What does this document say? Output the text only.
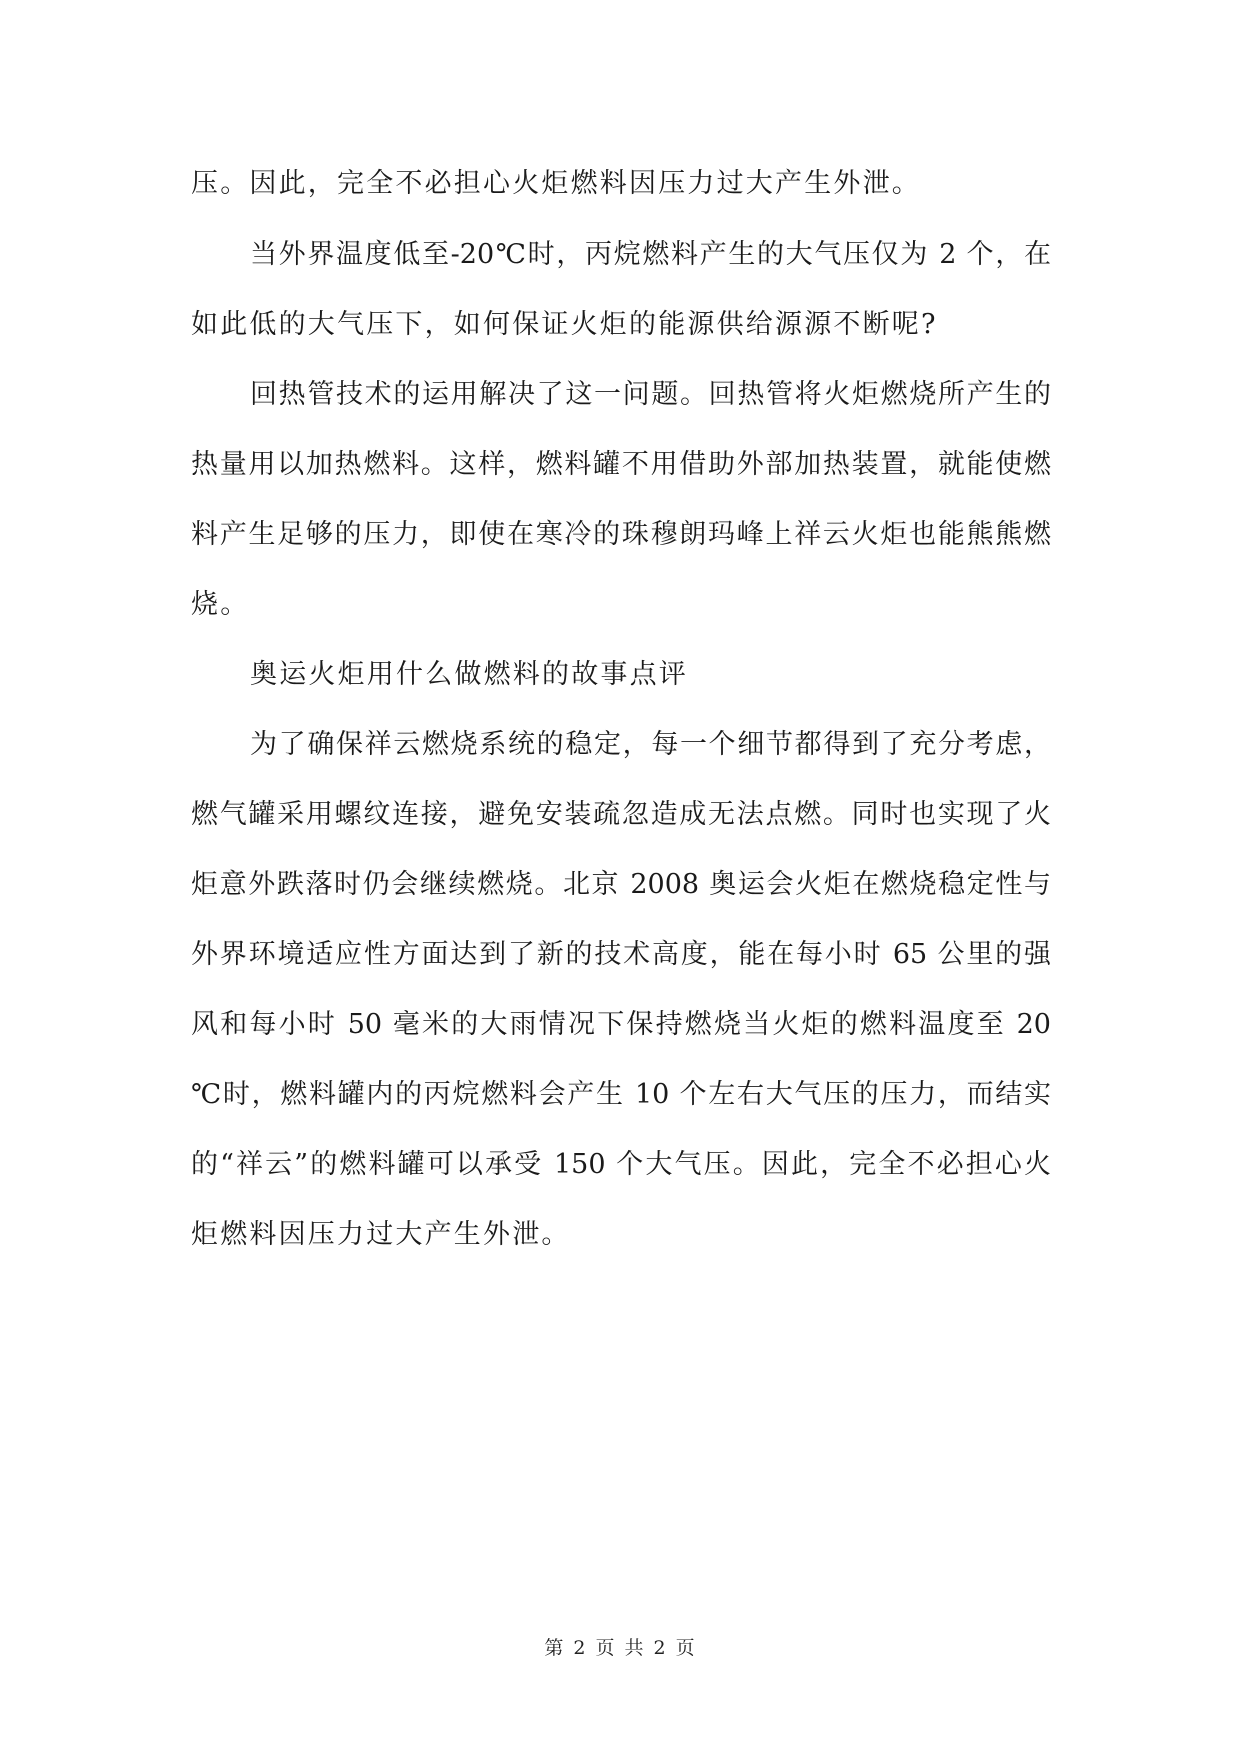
压。因此，完全不必担心火炬燃料因压力过大产生外泄。
当外界温度低至-20℃时，丙烷燃料产生的大气压仅为 2 个，在
如此低的大气压下，如何保证火炬的能源供给源源不断呢?
回热管技术的运用解决了这一问题。回热管将火炬燃烧所产生的
热量用以加热燃料。这样，燃料罐不用借助外部加热装置，就能使燃
料产生足够的压力，即使在寒冷的珠穆朗玛峰上祥云火炬也能熊熊燃
烧。
奥运火炬用什么做燃料的故事点评
为了确保祥云燃烧系统的稳定，每一个细节都得到了充分考虑，
燃气罐采用螺纹连接，避免安装疏忽造成无法点燃。同时也实现了火
炬意外跌落时仍会继续燃烧。北京 2008 奥运会火炬在燃烧稳定性与
外界环境适应性方面达到了新的技术高度，能在每小时 65 公里的强
风和每小时 50 毫米的大雨情况下保持燃烧当火炬的燃料温度至 20
℃时，燃料罐内的丙烷燃料会产生 10 个左右大气压的压力，而结实
的“祥云”的燃料罐可以承受 150 个大气压。因此，完全不必担心火
炬燃料因压力过大产生外泄。
第 2 页 共 2 页
